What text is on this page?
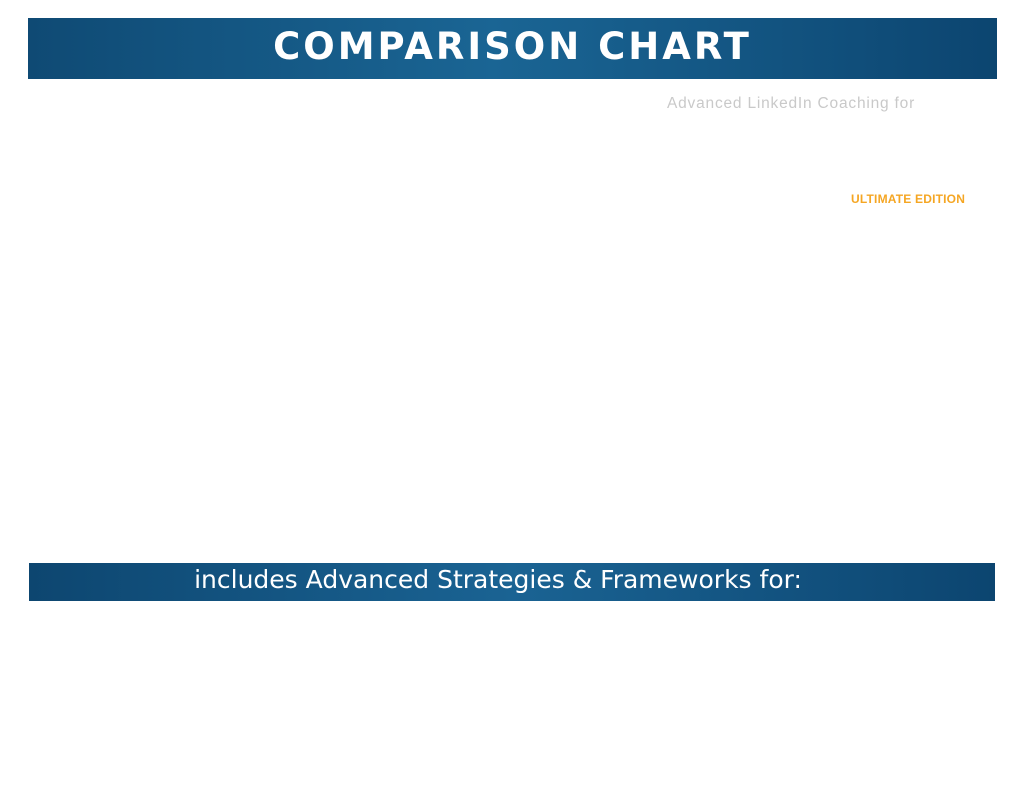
COMPARISON CHART
Advanced LinkedIn Coaching for
ULTIMATE EDITION
includes Advanced Strategies & Frameworks for:
